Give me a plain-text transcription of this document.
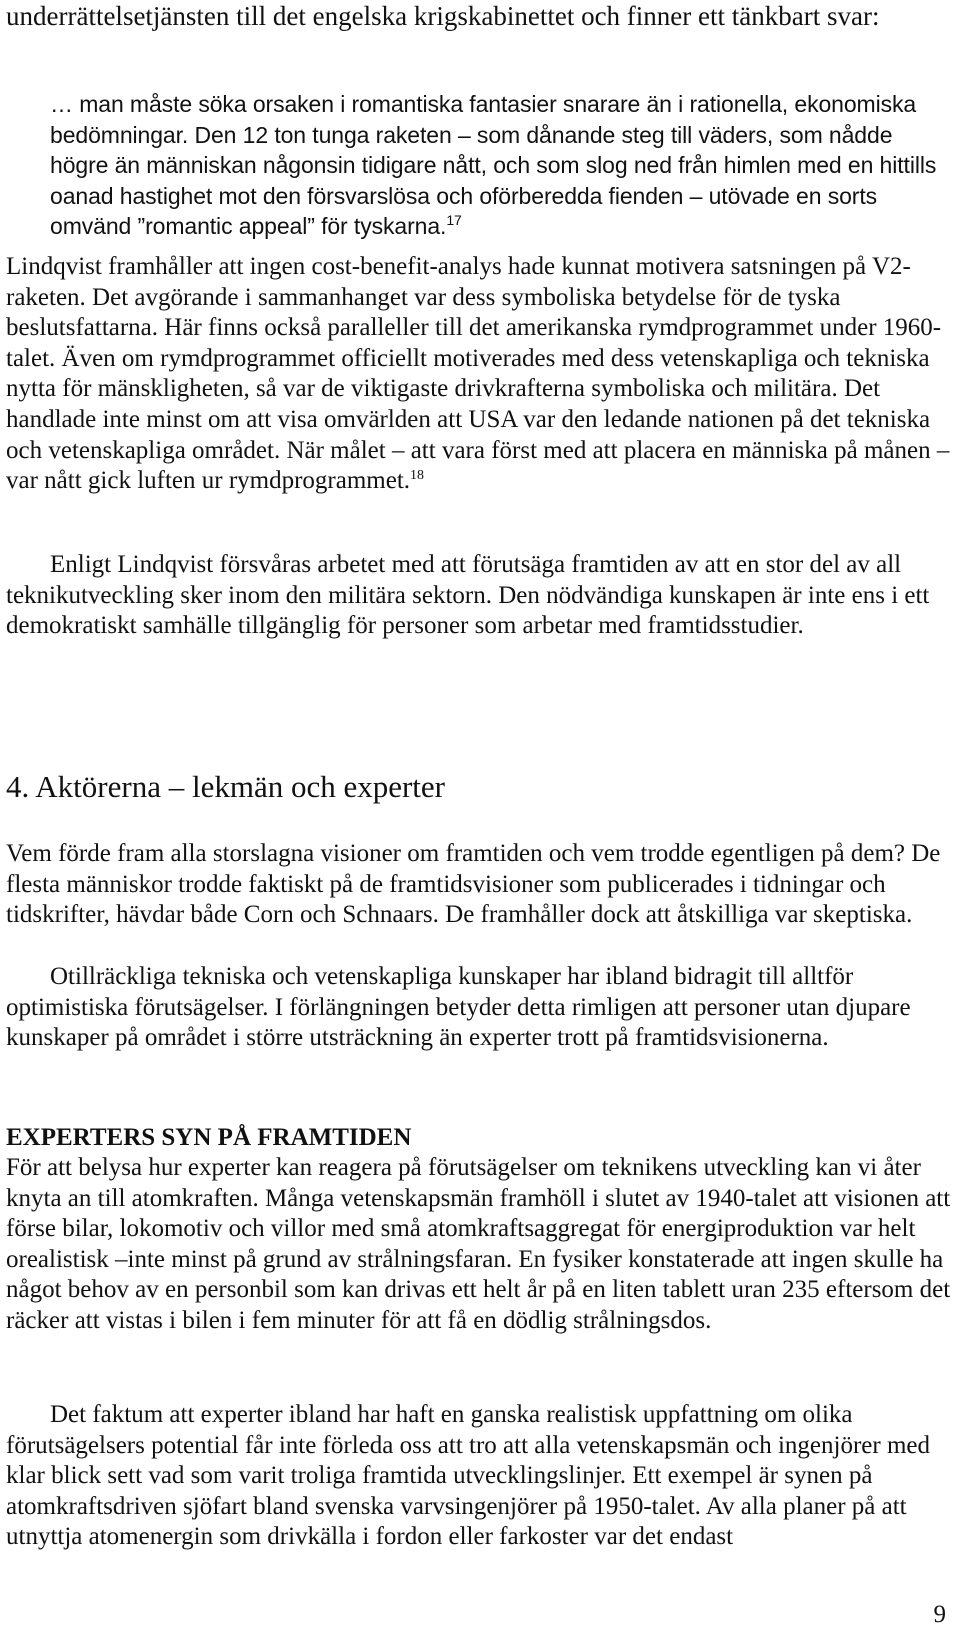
underrättelsetjänsten till det engelska krigskabinettet och finner ett tänkbart svar:

… man måste söka orsaken i romantiska fantasier snarare än i rationella, ekonomiska bedömningar. Den 12 ton tunga raketen – som dånande steg till väders, som nådde högre än människan någonsin tidigare nått, och som slog ned från himlen med en hittills oanad hastighet mot den försvarslösa och oförberedda fienden – utövade en sorts omvänd ”romantic appeal” för tyskarna.$^{17}$

Lindqvist framhåller att ingen cost-benefit-analys hade kunnat motivera satsningen på V2-raketen. Det avgörande i sammanhanget var dess symboliska betydelse för de tyska beslutsfattarna. Här finns också paralleller till det amerikanska rymdprogrammet under 1960-talet. Även om rymdprogrammet officiellt motiverades med dess vetenskapliga och tekniska nytta för mänskligheten, så var de viktigaste drivkrafterna symboliska och militära. Det handlade inte minst om att visa omvärlden att USA var den ledande nationen på det tekniska och vetenskapliga området. När målet – att vara först med att placera en människa på månen – var nått gick luften ur rymdprogrammet.$^{18}$

Enligt Lindqvist försvåras arbetet med att förutsäga framtiden av att en stor del av all teknikutveckling sker inom den militära sektorn. Den nödvändiga kunskapen är inte ens i ett demokratiskt samhälle tillgänglig för personer som arbetar med framtidsstudier.

4. Aktörerna – lekmän och experter

Vem förde fram alla storslagna visioner om framtiden och vem trodde egentligen på dem? De flesta människor trodde faktiskt på de framtidsvisioner som publicerades i tidningar och tidskrifter, hävdar både Corn och Schnaars. De framhåller dock att åtskilliga var skeptiska.

Otillräckliga tekniska och vetenskapliga kunskaper har ibland bidragit till alltför optimistiska förutsägelser. I förlängningen betyder detta rimligen att personer utan djupare kunskaper på området i större utsträckning än experter trott på framtidsvisionerna.

EXPERTERS SYN PÅ FRAMTIDEN

För att belysa hur experter kan reagera på förutsägelser om teknikens utveckling kan vi åter knyta an till atomkraften. Många vetenskapsmän framhöll i slutet av 1940-talet att visionen att förse bilar, lokomotiv och villor med små atomkraftsaggregat för energiproduktion var helt orealistisk –inte minst på grund av strålningsfaran. En fysiker konstaterade att ingen skulle ha något behov av en personbil som kan drivas ett helt år på en liten tablett uran 235 eftersom det räcker att vistas i bilen i fem minuter för att få en dödlig strålningsdos.

Det faktum att experter ibland har haft en ganska realistisk uppfattning om olika förutsägelsers potential får inte förleda oss att tro att alla vetenskapsmän och ingenjörer med klar blick sett vad som varit troliga framtida utvecklingslinjer. Ett exempel är synen på atomkraftsdriven sjöfart bland svenska varvsingenjörer på 1950-talet. Av alla planer på att utnyttja atomenergin som drivkälla i fordon eller farkoster var det endast

9
